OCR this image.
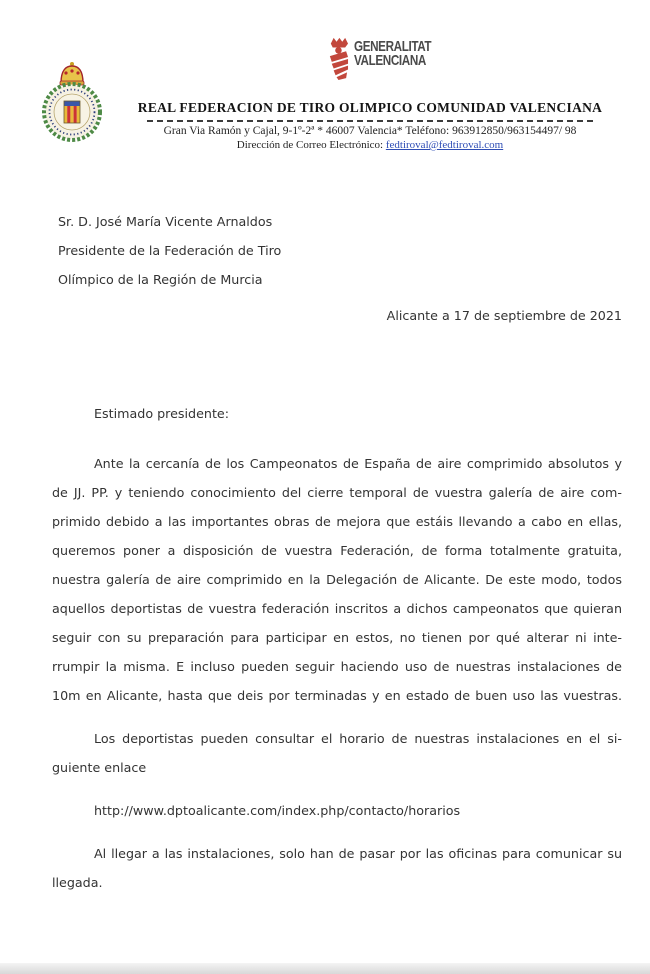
GENERALITAT
VALENCIANA
REAL FEDERACION DE TIRO OLIMPICO COMUNIDAD VALENCIANA
Gran Via Ramón y Cajal, 9-1º-2ª * 46007 Valencia* Teléfono: 963912850/963154497/ 98
Dirección de Correo Electrónico: fedtiroval@fedtiroval.com
Sr. D. José María Vicente Arnaldos
Presidente de la Federación de Tiro
Olímpico de la Región de Murcia
Alicante a 17 de septiembre de 2021
Estimado presidente:
Ante la cercanía de los Campeonatos de España de aire comprimido absolutos y
de JJ. PP. y teniendo conocimiento del cierre temporal de vuestra galería de aire com-
primido debido a las importantes obras de mejora que estáis llevando a cabo en ellas,
queremos poner a disposición de vuestra Federación, de forma totalmente gratuita,
nuestra galería de aire comprimido en la Delegación de Alicante. De este modo, todos
aquellos deportistas de vuestra federación inscritos a dichos campeonatos que quieran
seguir con su preparación para participar en estos, no tienen por qué alterar ni inte-
rrumpir la misma. E incluso pueden seguir haciendo uso de nuestras instalaciones de
10m en Alicante, hasta que deis por terminadas y en estado de buen uso las vuestras.
Los deportistas pueden consultar el horario de nuestras instalaciones en el si-
guiente enlace
http://www.dptoalicante.com/index.php/contacto/horarios
Al llegar a las instalaciones, solo han de pasar por las oficinas para comunicar su
llegada.
